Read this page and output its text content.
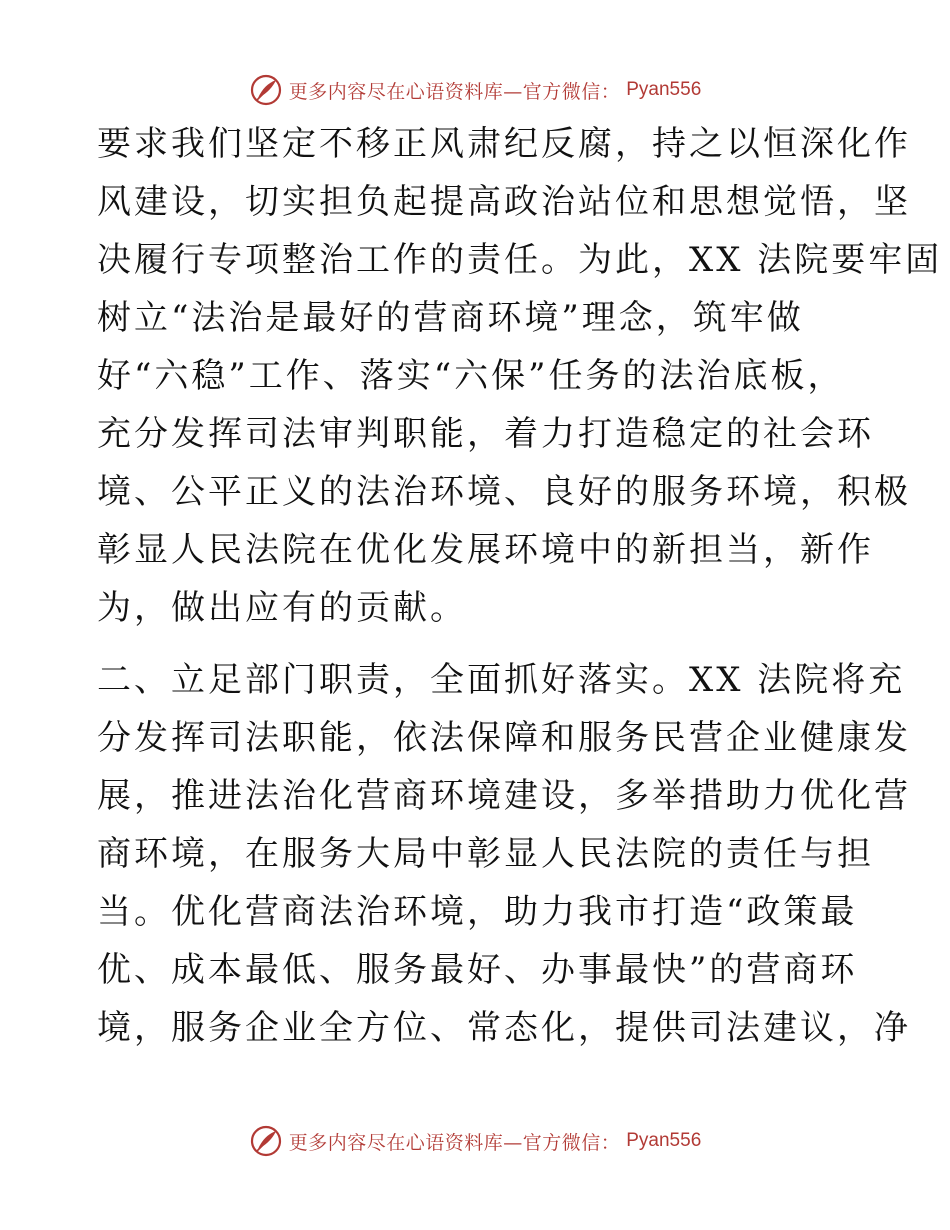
更多内容尽在心语资料库—官方微信： Pyan556
要求我们坚定不移正风肃纪反腐，持之以恒深化作
风建设，切实担负起提高政治站位和思想觉悟，坚
决履行专项整治工作的责任。为此，XX 法院要牢固
树立“法治是最好的营商环境”理念，筑牢做
好“六稳”工作、落实“六保”任务的法治底板，
充分发挥司法审判职能，着力打造稳定的社会环
境、公平正义的法治环境、良好的服务环境，积极
彰显人民法院在优化发展环境中的新担当，新作
为，做出应有的贡献。
二、立足部门职责，全面抓好落实。XX 法院将充
分发挥司法职能，依法保障和服务民营企业健康发
展，推进法治化营商环境建设，多举措助力优化营
商环境，在服务大局中彰显人民法院的责任与担
当。优化营商法治环境，助力我市打造“政策最
优、成本最低、服务最好、办事最快”的营商环
境，服务企业全方位、常态化，提供司法建议，净
更多内容尽在心语资料库—官方微信： Pyan556
